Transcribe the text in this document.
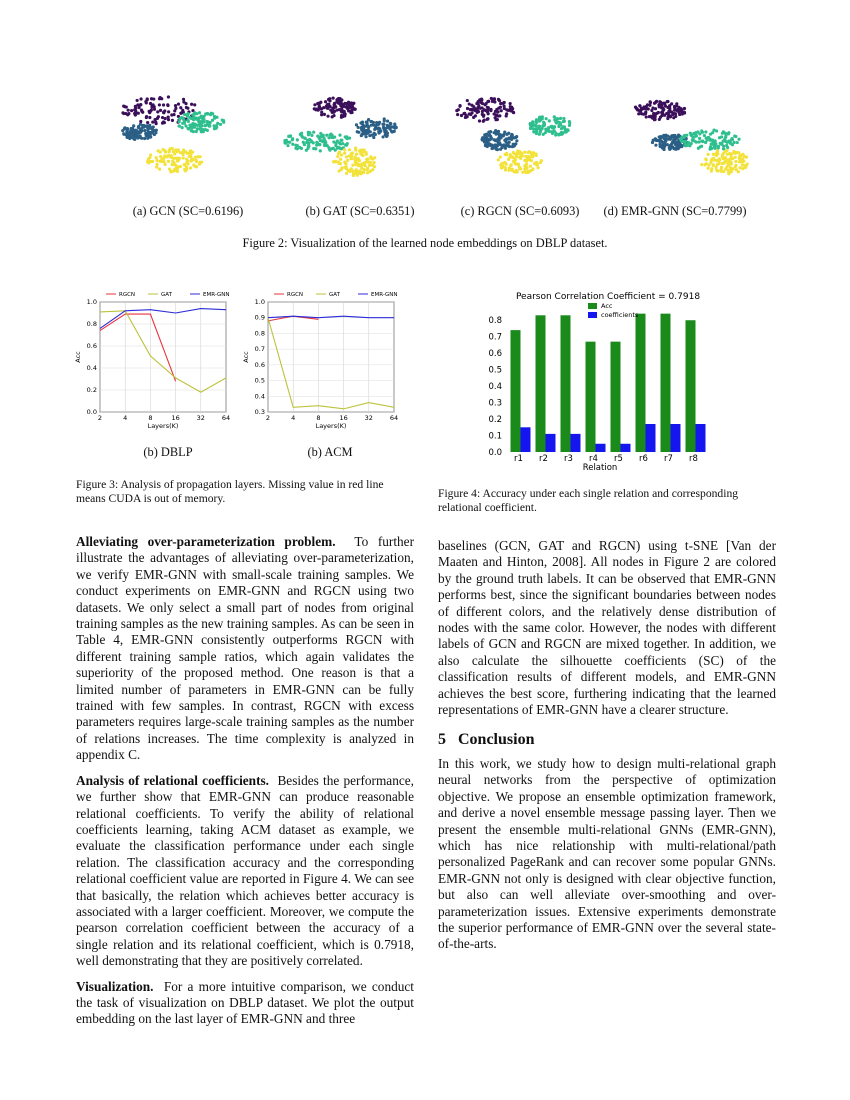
(a) GCN (SC=0.6196)	(b) GAT (SC=0.6351)	(c) RGCN (SC=0.6093)	(d) EMR-GNN (SC=0.7799)
Figure 2: Visualization of the learned node embeddings on DBLP dataset.
2	4	8	16	32	64
0.0
0.2
0.4
0.6
0.8
1.0
Layers(K)
Acc
RGCN	GAT	EMR-GNN
2	4	8	16	32	64
0.3
0.4
0.5
0.6
0.7
0.8
0.9
1.0
Layers(K)
Acc
RGCN	GAT	EMR-GNN
(b) DBLP	(b) ACM
Figure 3: Analysis of propagation layers. Missing value in red line means CUDA is out of memory.
Pearson Correlation Coefficient = 0.7918
0.0
0.1
0.2
0.3
0.4
0.5
0.6
0.7
0.8
r1 r2 r3 r4 r5 r6 r7 r8
Relation
Acc
coefficients
Figure 4: Accuracy under each single relation and corresponding relational coefficient.

Alleviating over-parameterization problem. To further illustrate the advantages of alleviating over-parameterization, we verify EMR-GNN with small-scale training samples. We conduct experiments on EMR-GNN and RGCN using two datasets. We only select a small part of nodes from original training samples as the new training samples. As can be seen in Table 4, EMR-GNN consistently outperforms RGCN with different training sample ratios, which again validates the superiority of the proposed method. One reason is that a limited number of parameters in EMR-GNN can be fully trained with few samples. In contrast, RGCN with excess parameters requires large-scale training samples as the number of relations increases. The time complexity is analyzed in appendix C.

Analysis of relational coefficients. Besides the performance, we further show that EMR-GNN can produce reasonable relational coefficients. To verify the ability of relational coefficients learning, taking ACM dataset as example, we evaluate the classification performance under each single relation. The classification accuracy and the corresponding relational coefficient value are reported in Figure 4. We can see that basically, the relation which achieves better accuracy is associated with a larger coefficient. Moreover, we compute the pearson correlation coefficient between the accuracy of a single relation and its relational coefficient, which is 0.7918, well demonstrating that they are positively correlated.

Visualization. For a more intuitive comparison, we conduct the task of visualization on DBLP dataset. We plot the output embedding on the last layer of EMR-GNN and three

baselines (GCN, GAT and RGCN) using t-SNE [Van der Maaten and Hinton, 2008]. All nodes in Figure 2 are colored by the ground truth labels. It can be observed that EMR-GNN performs best, since the significant boundaries between nodes of different colors, and the relatively dense distribution of nodes with the same color. However, the nodes with different labels of GCN and RGCN are mixed together. In addition, we also calculate the silhouette coefficients (SC) of the classification results of different models, and EMR-GNN achieves the best score, furthering indicating that the learned representations of EMR-GNN have a clearer structure.

5 Conclusion

In this work, we study how to design multi-relational graph neural networks from the perspective of optimization objective. We propose an ensemble optimization framework, and derive a novel ensemble message passing layer. Then we present the ensemble multi-relational GNNs (EMR-GNN), which has nice relationship with multi-relational/path personalized PageRank and can recover some popular GNNs. EMR-GNN not only is designed with clear objective function, but also can well alleviate over-smoothing and over-parameterization issues. Extensive experiments demonstrate the superior performance of EMR-GNN over the several state-of-the-arts.
